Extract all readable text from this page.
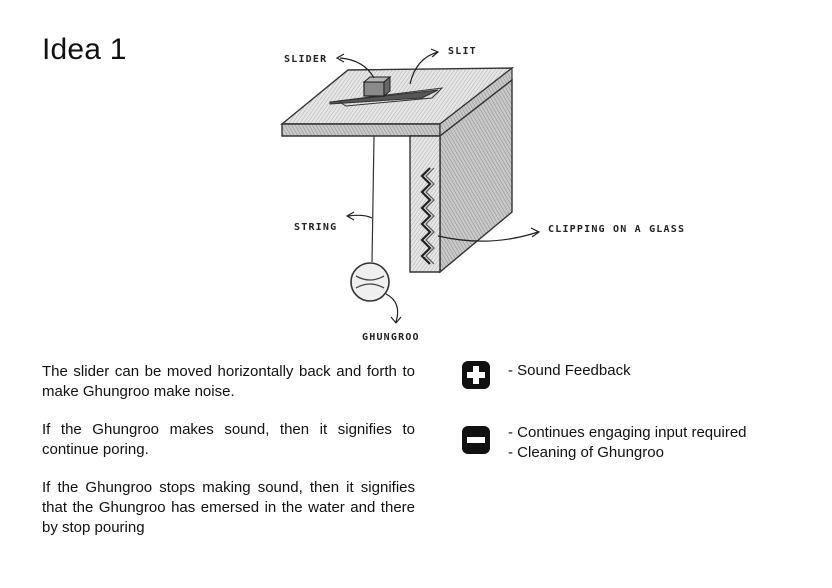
Idea 1	SLIDER
SLIT
STRING	CLIPPING ON A GLASS
GHUNGROO

The slider can be moved horizontally back and forth to make Ghungroo make noise.

If the Ghungroo makes sound, then it signifies to continue poring.

If the Ghungroo stops making sound, then it signifies that the Ghungroo has emersed in the water and there by stop pouring

- Sound Feedback
- Continues engaging input required
- Cleaning of Ghungroo
